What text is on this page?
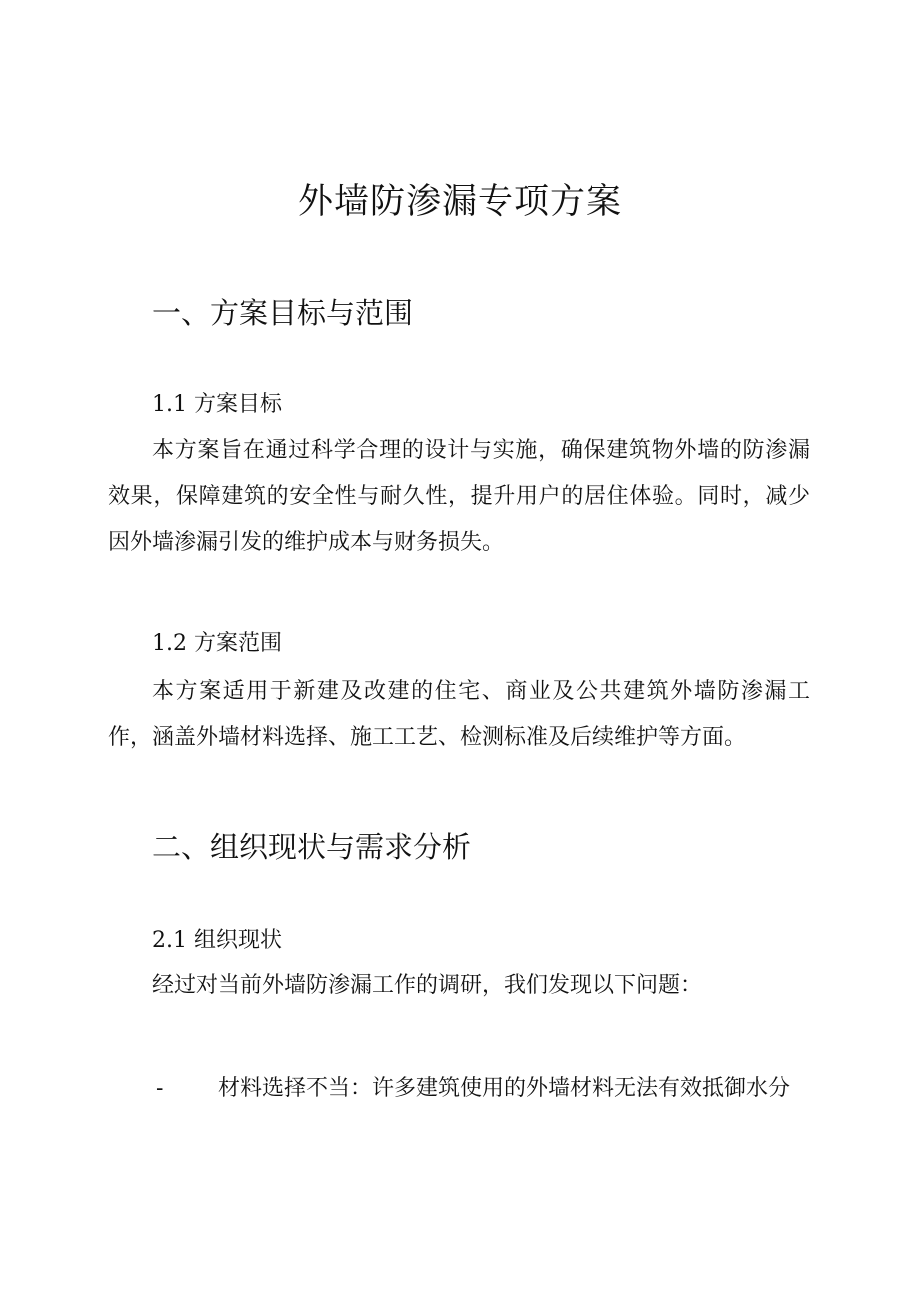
外墙防渗漏专项方案
一、方案目标与范围
1.1 方案目标

本方案旨在通过科学合理的设计与实施，确保建筑物外墙的防渗漏效果，保障建筑的安全性与耐久性，提升用户的居住体验。同时，减少因外墙渗漏引发的维护成本与财务损失。

1.2 方案范围

本方案适用于新建及改建的住宅、商业及公共建筑外墙防渗漏工作，涵盖外墙材料选择、施工工艺、检测标准及后续维护等方面。

二、组织现状与需求分析
2.1 组织现状

经过对当前外墙防渗漏工作的调研，我们发现以下问题：

- 材料选择不当：许多建筑使用的外墙材料无法有效抵御水分
